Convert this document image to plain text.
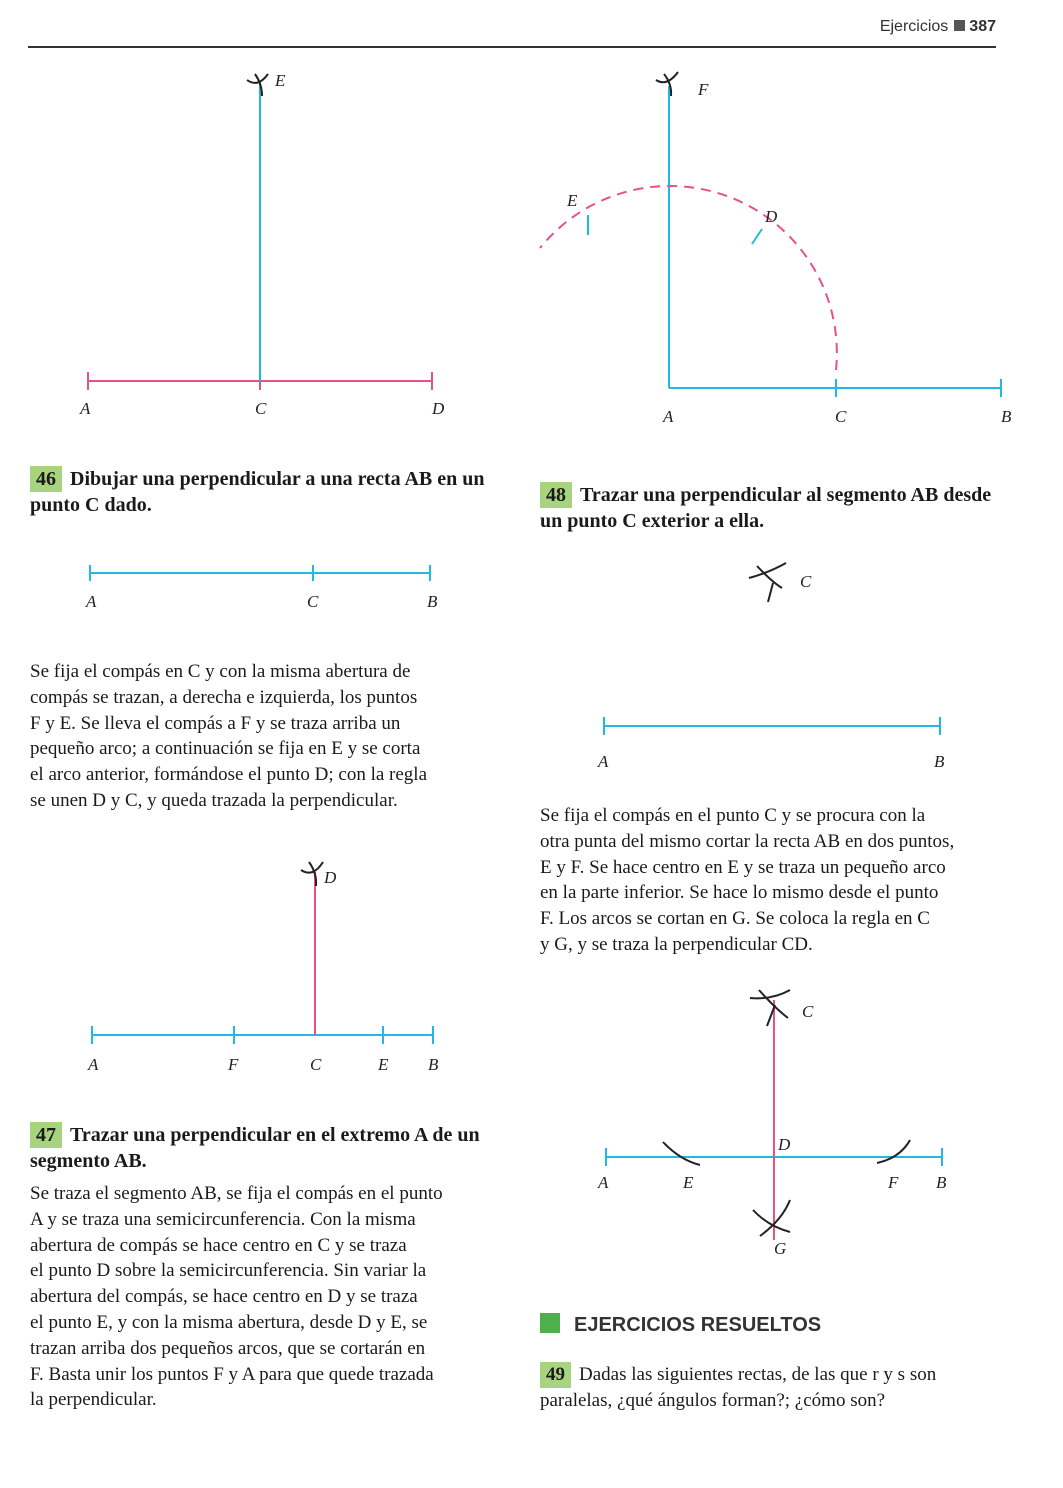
Ejercicios 387
E
A	C	D
A	C	B
D
A	F	C	E B
F
E
D
A	C	B
C
A	B
C
D
A	E	F B
G
46 Dibujar una perpendicular a una recta AB en un punto C dado.
Se fija el compás en C y con la misma abertura de
compás se trazan, a derecha e izquierda, los puntos
F y E. Se lleva el compás a F y se traza arriba un
pequeño arco; a continuación se fija en E y se corta
el arco anterior, formándose el punto D; con la regla
se unen D y C, y queda trazada la perpendicular.
47 Trazar una perpendicular en el extremo A de un segmento AB.
Se traza el segmento AB, se fija el compás en el punto
A y se traza una semicircunferencia. Con la misma
abertura de compás se hace centro en C y se traza
el punto D sobre la semicircunferencia. Sin variar la
abertura del compás, se hace centro en D y se traza
el punto E, y con la misma abertura, desde D y E, se
trazan arriba dos pequeños arcos, que se cortarán en
F. Basta unir los puntos F y A para que quede trazada
la perpendicular.
48 Trazar una perpendicular al segmento AB desde un punto C exterior a ella.
Se fija el compás en el punto C y se procura con la
otra punta del mismo cortar la recta AB en dos puntos,
E y F. Se hace centro en E y se traza un pequeño arco
en la parte inferior. Se hace lo mismo desde el punto
F. Los arcos se cortan en G. Se coloca la regla en C
y G, y se traza la perpendicular CD.
EJERCICIOS RESUELTOS
49 Dadas las siguientes rectas, de las que r y s son paralelas, ¿qué ángulos forman?; ¿cómo son?
